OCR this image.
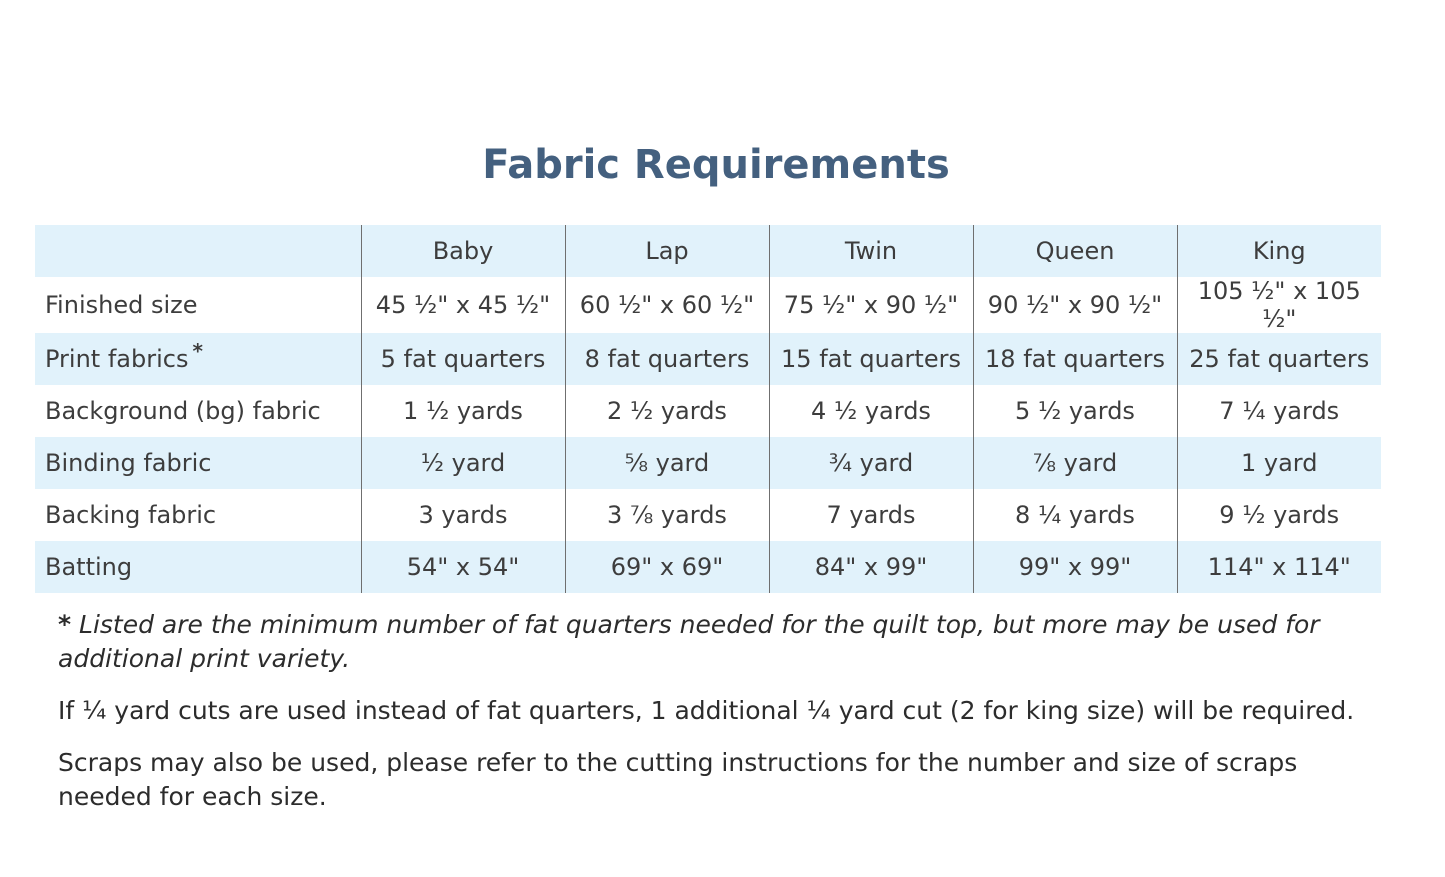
Fabric Requirements
	Baby	Lap	Twin	Queen	King
Finished size	45 ½" x 45 ½"	60 ½" x 60 ½"	75 ½" x 90 ½"	90 ½" x 90 ½"	105 ½" x 105 ½"
Print fabrics *	5 fat quarters	8 fat quarters	15 fat quarters	18 fat quarters	25 fat quarters
Background (bg) fabric	1 ½ yards	2 ½ yards	4 ½ yards	5 ½ yards	7 ¼ yards
Binding fabric	½ yard	⅝ yard	¾ yard	⅞ yard	1 yard
Backing fabric	3 yards	3 ⅞ yards	7 yards	8 ¼ yards	9 ½ yards
Batting	54" x 54"	69" x 69"	84" x 99"	99" x 99"	114" x 114"

* Listed are the minimum number of fat quarters needed for the quilt top, but more may be used for additional print variety.

If ¼ yard cuts are used instead of fat quarters, 1 additional ¼ yard cut (2 for king size) will be required.

Scraps may also be used, please refer to the cutting instructions for the number and size of scraps needed for each size.
